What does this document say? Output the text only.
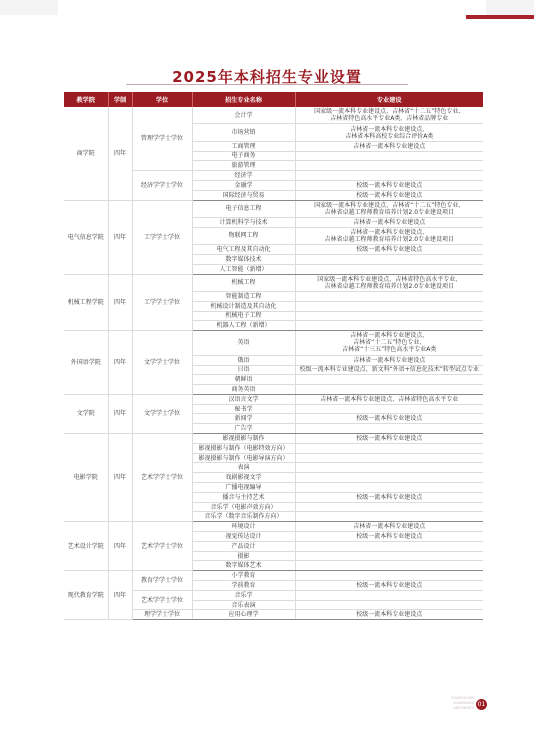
2025年本科招生专业设置
教学院	学制	学位	招生专业名称	专业建设
商学院	四年	管理学学士学位	会计学	国家级一流本科专业建设点、吉林省“十二五”特色专业、
吉林省特色高水平专业A类、吉林省品牌专业

			市场营销	吉林省一流本科专业建设点、
吉林省本科高校专业综合评价A类

			工商管理	吉林省一流本科专业建设点

			电子商务	
			旅游管理	
		经济学学士学位	经济学	
			金融学	校级一流本科专业建设点

			国际经济与贸易	校级一流本科专业建设点

电气信息学院	四年	工学学士学位	电子信息工程	国家级一流本科专业建设点、吉林省“十二五”特色专业、
吉林省卓越工程师教育培养计划2.0专业建设项目

			计算机科学与技术	吉林省一流本科专业建设点

			物联网工程	吉林省一流本科专业建设点、
吉林省卓越工程师教育培养计划2.0专业建设项目

			电气工程及其自动化	校级一流本科专业建设点

			数字媒体技术	
			人工智能（新增）	
机械工程学院	四年	工学学士学位	机械工程	国家级一流本科专业建设点、吉林省特色高水平专业、
吉林省卓越工程师教育培养计划2.0专业建设项目

			智能制造工程	
			机械设计制造及其自动化	
			机械电子工程	
			机器人工程（新增）	
外国语学院	四年	文学学士学位	英语	吉林省一流本科专业建设点、
吉林省“十二五”特色专业、
吉林省“十三五”特色高水平专业A类

			俄语	吉林省一流本科专业建设点

			日语	校级一流本科专业建设点、新文科“外语+信息化技术”转型试点专业

			朝鲜语	
			商务英语	
文学院	四年	文学学士学位	汉语言文学	吉林省一流本科专业建设点、吉林省特色高水平专业

			秘书学	
			新闻学	校级一流本科专业建设点

			广告学	
电影学院	四年	艺术学学士学位	影视摄影与制作	校级一流本科专业建设点

			影视摄影与制作（电影特效方向）	
			影视摄影与制作（电影导演方向）	
			表演	
			戏剧影视文学	
			广播电视编导	
			播音与主持艺术	校级一流本科专业建设点

			音乐学（电影声效方向）	
			音乐学（数字音乐制作方向）	
艺术设计学院	四年	艺术学学士学位	环境设计	吉林省一流本科专业建设点

			视觉传达设计	校级一流本科专业建设点

			产品设计	
			摄影	
			数字媒体艺术	
现代教育学院	四年	教育学学士学位	小学教育	
			学前教育	校级一流本科专业建设点

		艺术学学士学位	音乐学	
			音乐表演	
		理学学士学位	应用心理学	校级一流本科专业建设点
CHANGCHUN
GUANGHUA UNIVERSITY 01
